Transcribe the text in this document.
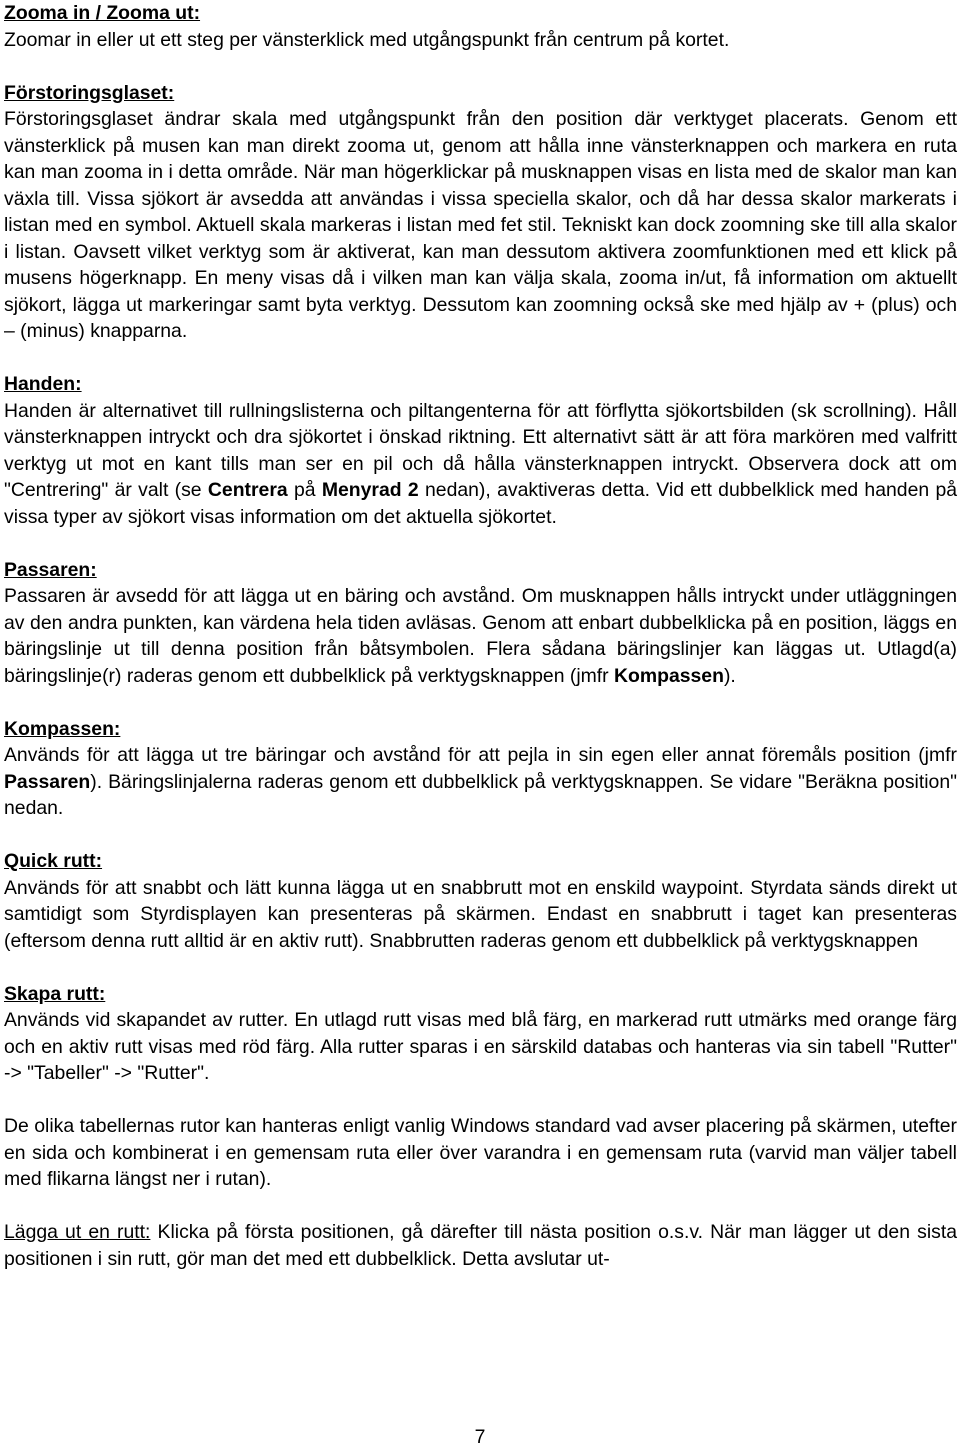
Zooma in / Zooma ut:

Zoomar in eller ut ett steg per vänsterklick med utgångspunkt från centrum på kortet.

Förstoringsglaset:

Förstoringsglaset ändrar skala med utgångspunkt från den position där verktyget placerats. Genom ett vänsterklick på musen kan man direkt zooma ut, genom att hålla inne vänsterknappen och markera en ruta kan man zooma in i detta område. När man högerklickar på musknappen visas en lista med de skalor man kan växla till. Vissa sjökort är avsedda att användas i vissa speciella skalor, och då har dessa skalor markerats i listan med en symbol. Aktuell skala markeras i listan med fet stil. Tekniskt kan dock zoomning ske till alla skalor i listan. Oavsett vilket verktyg som är aktiverat, kan man dessutom aktivera zoomfunktionen med ett klick på musens högerknapp. En meny visas då i vilken man kan välja skala, zooma in/ut, få information om aktuellt sjökort, lägga ut markeringar samt byta verktyg. Dessutom kan zoomning också ske med hjälp av + (plus) och – (minus) knapparna.

Handen:

Handen är alternativet till rullningslisterna och piltangenterna för att förflytta sjökortsbilden (sk scrollning). Håll vänsterknappen intryckt och dra sjökortet i önskad riktning. Ett alternativt sätt är att föra markören med valfritt verktyg ut mot en kant tills man ser en pil och då hålla vänsterknappen intryckt. Observera dock att om "Centrering" är valt (se Centrera på Menyrad 2 nedan), avaktiveras detta. Vid ett dubbelklick med handen på vissa typer av sjökort visas information om det aktuella sjökortet.

Passaren:

Passaren är avsedd för att lägga ut en bäring och avstånd. Om musknappen hålls intryckt under utläggningen av den andra punkten, kan värdena hela tiden avläsas. Genom att enbart dubbelklicka på en position, läggs en bäringslinje ut till denna position från båtsymbolen. Flera sådana bäringslinjer kan läggas ut. Utlagd(a) bäringslinje(r) raderas genom ett dubbelklick på verktygsknappen (jmfr Kompassen).

Kompassen:

Används för att lägga ut tre bäringar och avstånd för att pejla in sin egen eller annat föremåls position (jmfr Passaren). Bäringslinjalerna raderas genom ett dubbelklick på verktygsknappen. Se vidare "Beräkna position" nedan.

Quick rutt:

Används för att snabbt och lätt kunna lägga ut en snabbrutt mot en enskild waypoint. Styrdata sänds direkt ut samtidigt som Styrdisplayen kan presenteras på skärmen. Endast en snabbrutt i taget kan presenteras (eftersom denna rutt alltid är en aktiv rutt). Snabbrutten raderas genom ett dubbelklick på verktygsknappen

Skapa rutt:

Används vid skapandet av rutter. En utlagd rutt visas med blå färg, en markerad rutt utmärks med orange färg och en aktiv rutt visas med röd färg. Alla rutter sparas i en särskild databas och hanteras via sin tabell "Rutter" -> "Tabeller" -> "Rutter".

De olika tabellernas rutor kan hanteras enligt vanlig Windows standard vad avser placering på skärmen, utefter en sida och kombinerat i en gemensam ruta eller över varandra i en gemensam ruta (varvid man väljer tabell med flikarna längst ner i rutan).

Lägga ut en rutt: Klicka på första positionen, gå därefter till nästa position o.s.v. När man lägger ut den sista positionen i sin rutt, gör man det med ett dubbelklick. Detta avslutar ut-

7
